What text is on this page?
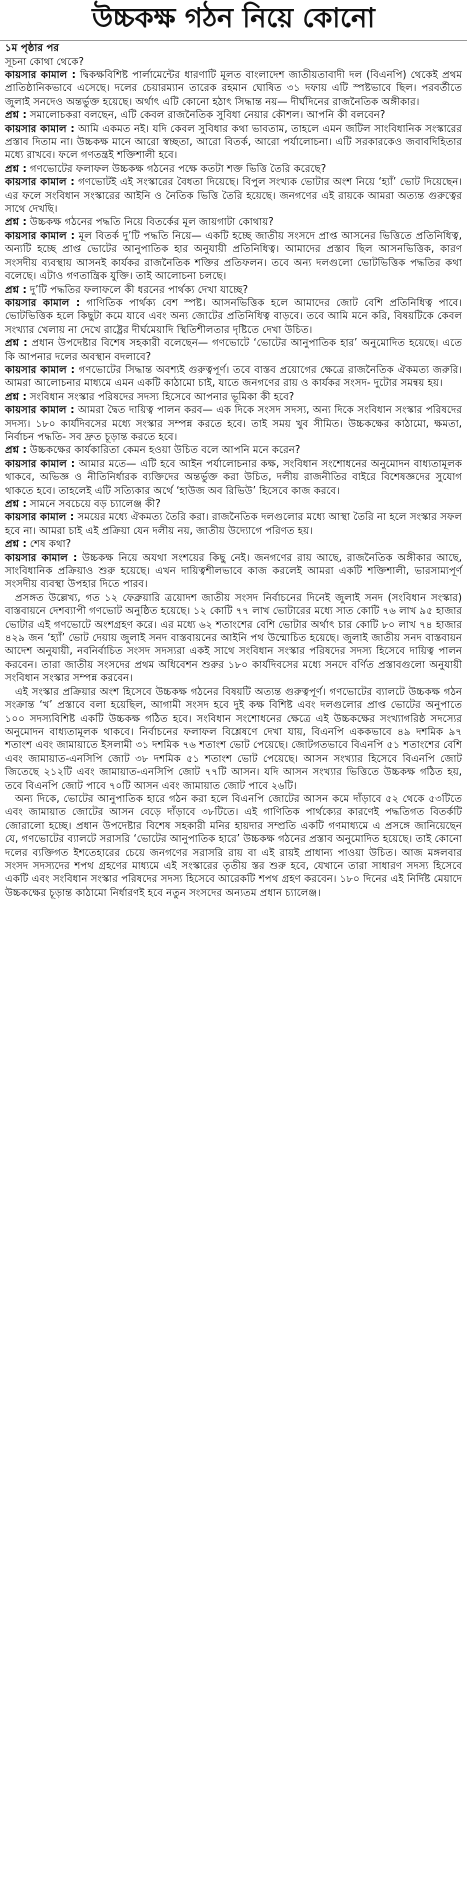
উচ্চকক্ষ গঠন নিয়ে কোনো
১ম পৃষ্ঠার পর

সূচনা কোথা থেকে?

কায়সার কামাল : দ্বিকক্ষবিশিষ্ট পার্লামেন্টের ধারণাটি মূলত বাংলাদেশ জাতীয়তাবাদী দল (বিএনপি) থেকেই প্রথম প্রাতিষ্ঠানিকভাবে এসেছে। দলের চেয়ারম্যান তারেক রহমান ঘোষিত ৩১ দফায় এটি স্পষ্টভাবে ছিল। পরবর্তীতে জুলাই সনদেও অন্তর্ভুক্ত হয়েছে। অর্থাৎ এটি কোনো হঠাৎ সিদ্ধান্ত নয়— দীর্ঘদিনের রাজনৈতিক অঙ্গীকার।

প্রশ্ন : সমালোচকরা বলছেন, এটি কেবল রাজনৈতিক সুবিধা নেয়ার কৌশল। আপনি কী বলবেন?

কায়সার কামাল : আমি একমত নই। যদি কেবল সুবিধার কথা ভাবতাম, তাহলে এমন জটিল সাংবিধানিক সংস্কারের প্রস্তাব দিতাম না। উচ্চকক্ষ মানে আরো স্বচ্ছতা, আরো বিতর্ক, আরো পর্যালোচনা। এটি সরকারকেও জবাবদিহিতার মধ্যে রাখবে। ফলে গণতন্ত্রই শক্তিশালী হবে।

প্রশ্ন : গণভোটের ফলাফল উচ্চকক্ষ গঠনের পক্ষে কতটা শক্ত ভিত্তি তৈরি করেছে?

কায়সার কামাল : গণভোটই এই সংস্কারের বৈধতা দিয়েছে। বিপুল সংখ্যক ভোটার অংশ নিয়ে ‘হ্যাঁ’ ভোট দিয়েছেন। এর ফলে সংবিধান সংস্কারের আইনি ও নৈতিক ভিত্তি তৈরি হয়েছে। জনগণের এই রায়কে আমরা অত্যন্ত গুরুত্বের সাথে দেখছি।

প্রশ্ন : উচ্চকক্ষ গঠনের পদ্ধতি নিয়ে বিতর্কের মূল জায়গাটা কোথায়?

কায়সার কামাল : মূল বিতর্ক দু’টি পদ্ধতি নিয়ে— একটি হচ্ছে জাতীয় সংসদে প্রাপ্ত আসনের ভিত্তিতে প্রতিনিধিত্ব, অন্যটি হচ্ছে প্রাপ্ত ভোটের আনুপাতিক হার অনুযায়ী প্রতিনিধিত্ব। আমাদের প্রস্তাব ছিল আসনভিত্তিক, কারণ সংসদীয় ব্যবস্থায় আসনই কার্যকর রাজনৈতিক শক্তির প্রতিফলন। তবে অন্য দলগুলো ভোটভিত্তিক পদ্ধতির কথা বলেছে। এটাও গণতান্ত্রিক যুক্তি। তাই আলোচনা চলছে।

প্রশ্ন : দু’টি পদ্ধতির ফলাফলে কী ধরনের পার্থক্য দেখা যাচ্ছে?

কায়সার কামাল : গাণিতিক পার্থক্য বেশ স্পষ্ট। আসনভিত্তিক হলে আমাদের জোট বেশি প্রতিনিধিত্ব পাবে। ভোটভিত্তিক হলে কিছুটা কমে যাবে এবং অন্য জোটের প্রতিনিধিত্ব বাড়বে। তবে আমি মনে করি, বিষয়টিকে কেবল সংখ্যার খেলায় না দেখে রাষ্ট্রের দীর্ঘমেয়াদি স্থিতিশীলতার দৃষ্টিতে দেখা উচিত।

প্রশ্ন : প্রধান উপদেষ্টার বিশেষ সহকারী বলেছেন— গণভোটে ‘ভোটের আনুপাতিক হার’ অনুমোদিত হয়েছে। এতে কি আপনার দলের অবস্থান বদলাবে?

কায়সার কামাল : গণভোটের সিদ্ধান্ত অবশ্যই গুরুত্বপূর্ণ। তবে বাস্তব প্রয়োগের ক্ষেত্রে রাজনৈতিক ঐকমত্য জরুরি। আমরা আলোচনার মাধ্যমে এমন একটি কাঠামো চাই, যাতে জনগণের রায় ও কার্যকর সংসদ- দুটোর সমন্বয় হয়।

প্রশ্ন : সংবিধান সংস্কার পরিষদের সদস্য হিসেবে আপনার ভূমিকা কী হবে?

কায়সার কামাল : আমরা দ্বৈত দায়িত্ব পালন করব— এক দিকে সংসদ সদস্য, অন্য দিকে সংবিধান সংস্কার পরিষদের সদস্য। ১৮০ কার্যদিবসের মধ্যে সংস্কার সম্পন্ন করতে হবে। তাই সময় খুব সীমিত। উচ্চকক্ষের কাঠামো, ক্ষমতা, নির্বাচন পদ্ধতি- সব দ্রুত চূড়ান্ত করতে হবে।

প্রশ্ন : উচ্চকক্ষের কার্যকারিতা কেমন হওয়া উচিত বলে আপনি মনে করেন?

কায়সার কামাল : আমার মতে— এটি হবে আইন পর্যালোচনার কক্ষ, সংবিধান সংশোধনের অনুমোদন বাধ্যতামূলক থাকবে, অভিজ্ঞ ও নীতিনির্ধারক ব্যক্তিদের অন্তর্ভুক্ত করা উচিত, দলীয় রাজনীতির বাইরে বিশেষজ্ঞদের সুযোগ থাকতে হবে। তাহলেই এটি সত্যিকার অর্থে ‘হাউজ অব রিভিউ’ হিসেবে কাজ করবে।

প্রশ্ন : সামনে সবচেয়ে বড় চ্যালেঞ্জ কী?

কায়সার কামাল : সময়ের মধ্যে ঐকমত্য তৈরি করা। রাজনৈতিক দলগুলোর মধ্যে আস্থা তৈরি না হলে সংস্কার সফল হবে না। আমরা চাই এই প্রক্রিয়া যেন দলীয় নয়, জাতীয় উদ্যোগে পরিণত হয়।

প্রশ্ন : শেষ কথা?

কায়সার কামাল : উচ্চকক্ষ নিয়ে অযথা সংশয়ের কিছু নেই। জনগণের রায় আছে, রাজনৈতিক অঙ্গীকার আছে, সাংবিধানিক প্রক্রিয়াও শুরু হয়েছে। এখন দায়িত্বশীলভাবে কাজ করলেই আমরা একটি শক্তিশালী, ভারসাম্যপূর্ণ সংসদীয় ব্যবস্থা উপহার দিতে পারব।

প্রসঙ্গত উল্লেখ্য, গত ১২ ফেব্রুয়ারি ত্রয়োদশ জাতীয় সংসদ নির্বাচনের দিনেই জুলাই সনদ (সংবিধান সংস্কার) বাস্তবায়নে দেশব্যাপী গণভোট অনুষ্ঠিত হয়েছে। ১২ কোটি ৭৭ লাখ ভোটারের মধ্যে সাত কোটি ৭৬ লাখ ৯৫ হাজার ভোটার এই গণভোটে অংশগ্রহণ করে। এর মধ্যে ৬২ শতাংশের বেশি ভোটার অর্থাৎ চার কোটি ৮০ লাখ ৭৪ হাজার ৪২৯ জন ‘হ্যাঁ’ ভোট দেয়ায় জুলাই সনদ বাস্তবায়নের আইনি পথ উন্মোচিত হয়েছে। জুলাই জাতীয় সনদ বাস্তবায়ন আদেশ অনুযায়ী, নবনির্বাচিত সংসদ সদস্যরা একই সাথে সংবিধান সংস্কার পরিষদের সদস্য হিসেবে দায়িত্ব পালন করবেন। তারা জাতীয় সংসদের প্রথম অধিবেশন শুরুর ১৮০ কার্যদিবসের মধ্যে সনদে বর্ণিত প্রস্তাবগুলো অনুযায়ী সংবিধান সংস্কার সম্পন্ন করবেন।

এই সংস্কার প্রক্রিয়ার অংশ হিসেবে উচ্চকক্ষ গঠনের বিষয়টি অত্যন্ত গুরুত্বপূর্ণ। গণভোটের ব্যালটে উচ্চকক্ষ গঠন সংক্রান্ত ‘খ’ প্রস্তাবে বলা হয়েছিল, আগামী সংসদ হবে দুই কক্ষ বিশিষ্ট এবং দলগুলোর প্রাপ্ত ভোটের অনুপাতে ১০০ সদস্যবিশিষ্ট একটি উচ্চকক্ষ গঠিত হবে। সংবিধান সংশোধনের ক্ষেত্রে এই উচ্চকক্ষের সংখ্যাগরিষ্ঠ সদস্যের অনুমোদন বাধ্যতামূলক থাকবে। নির্বাচনের ফলাফল বিশ্লেষণে দেখা যায়, বিএনপি এককভাবে ৪৯ দশমিক ৯৭ শতাংশ এবং জামায়াতে ইসলামী ৩১ দশমিক ৭৬ শতাংশ ভোট পেয়েছে। জোটগতভাবে বিএনপি ৫১ শতাংশের বেশি এবং জামায়াত-এনসিপি জোট ৩৮ দশমিক ৫১ শতাংশ ভোট পেয়েছে। আসন সংখ্যার হিসেবে বিএনপি জোট জিতেছে ২১২টি এবং জামায়াত-এনসিপি জোট ৭৭টি আসন। যদি আসন সংখ্যার ভিত্তিতে উচ্চকক্ষ গঠিত হয়, তবে বিএনপি জোট পাবে ৭০টি আসন এবং জামায়াত জোট পাবে ২৬টি।

অন্য দিকে, ভোটের আনুপাতিক হারে গঠন করা হলে বিএনপি জোটের আসন কমে দাঁড়াবে ৫২ থেকে ৫৩টিতে এবং জামায়াত জোটের আসন বেড়ে দাঁড়াবে ৩৮টিতে। এই গাণিতিক পার্থক্যের কারণেই পদ্ধতিগত বিতর্কটি জোরালো হচ্ছে। প্রধান উপদেষ্টার বিশেষ সহকারী মনির হায়দার সম্প্রতি একটি গণমাধ্যমে এ প্রসঙ্গে জানিয়েছেন যে, গণভোটের ব্যালটে সরাসরি ‘ভোটের আনুপাতিক হারে’ উচ্চকক্ষ গঠনের প্রস্তাব অনুমোদিত হয়েছে। তাই কোনো দলের ব্যক্তিগত ইশতেহারের চেয়ে জনগণের সরাসরি রায় বা এই রায়ই প্রাধান্য পাওয়া উচিত। আজ মঙ্গলবার সংসদ সদস্যদের শপথ গ্রহণের মাধ্যমে এই সংস্কারের তৃতীয় স্তর শুরু হবে, যেখানে তারা সাধারণ সদস্য হিসেবে একটি এবং সংবিধান সংস্কার পরিষদের সদস্য হিসেবে আরেকটি শপথ গ্রহণ করবেন। ১৮০ দিনের এই নির্দিষ্ট মেয়াদে উচ্চকক্ষের চূড়ান্ত কাঠামো নির্ধারণই হবে নতুন সংসদের অন্যতম প্রধান চ্যালেঞ্জ।
